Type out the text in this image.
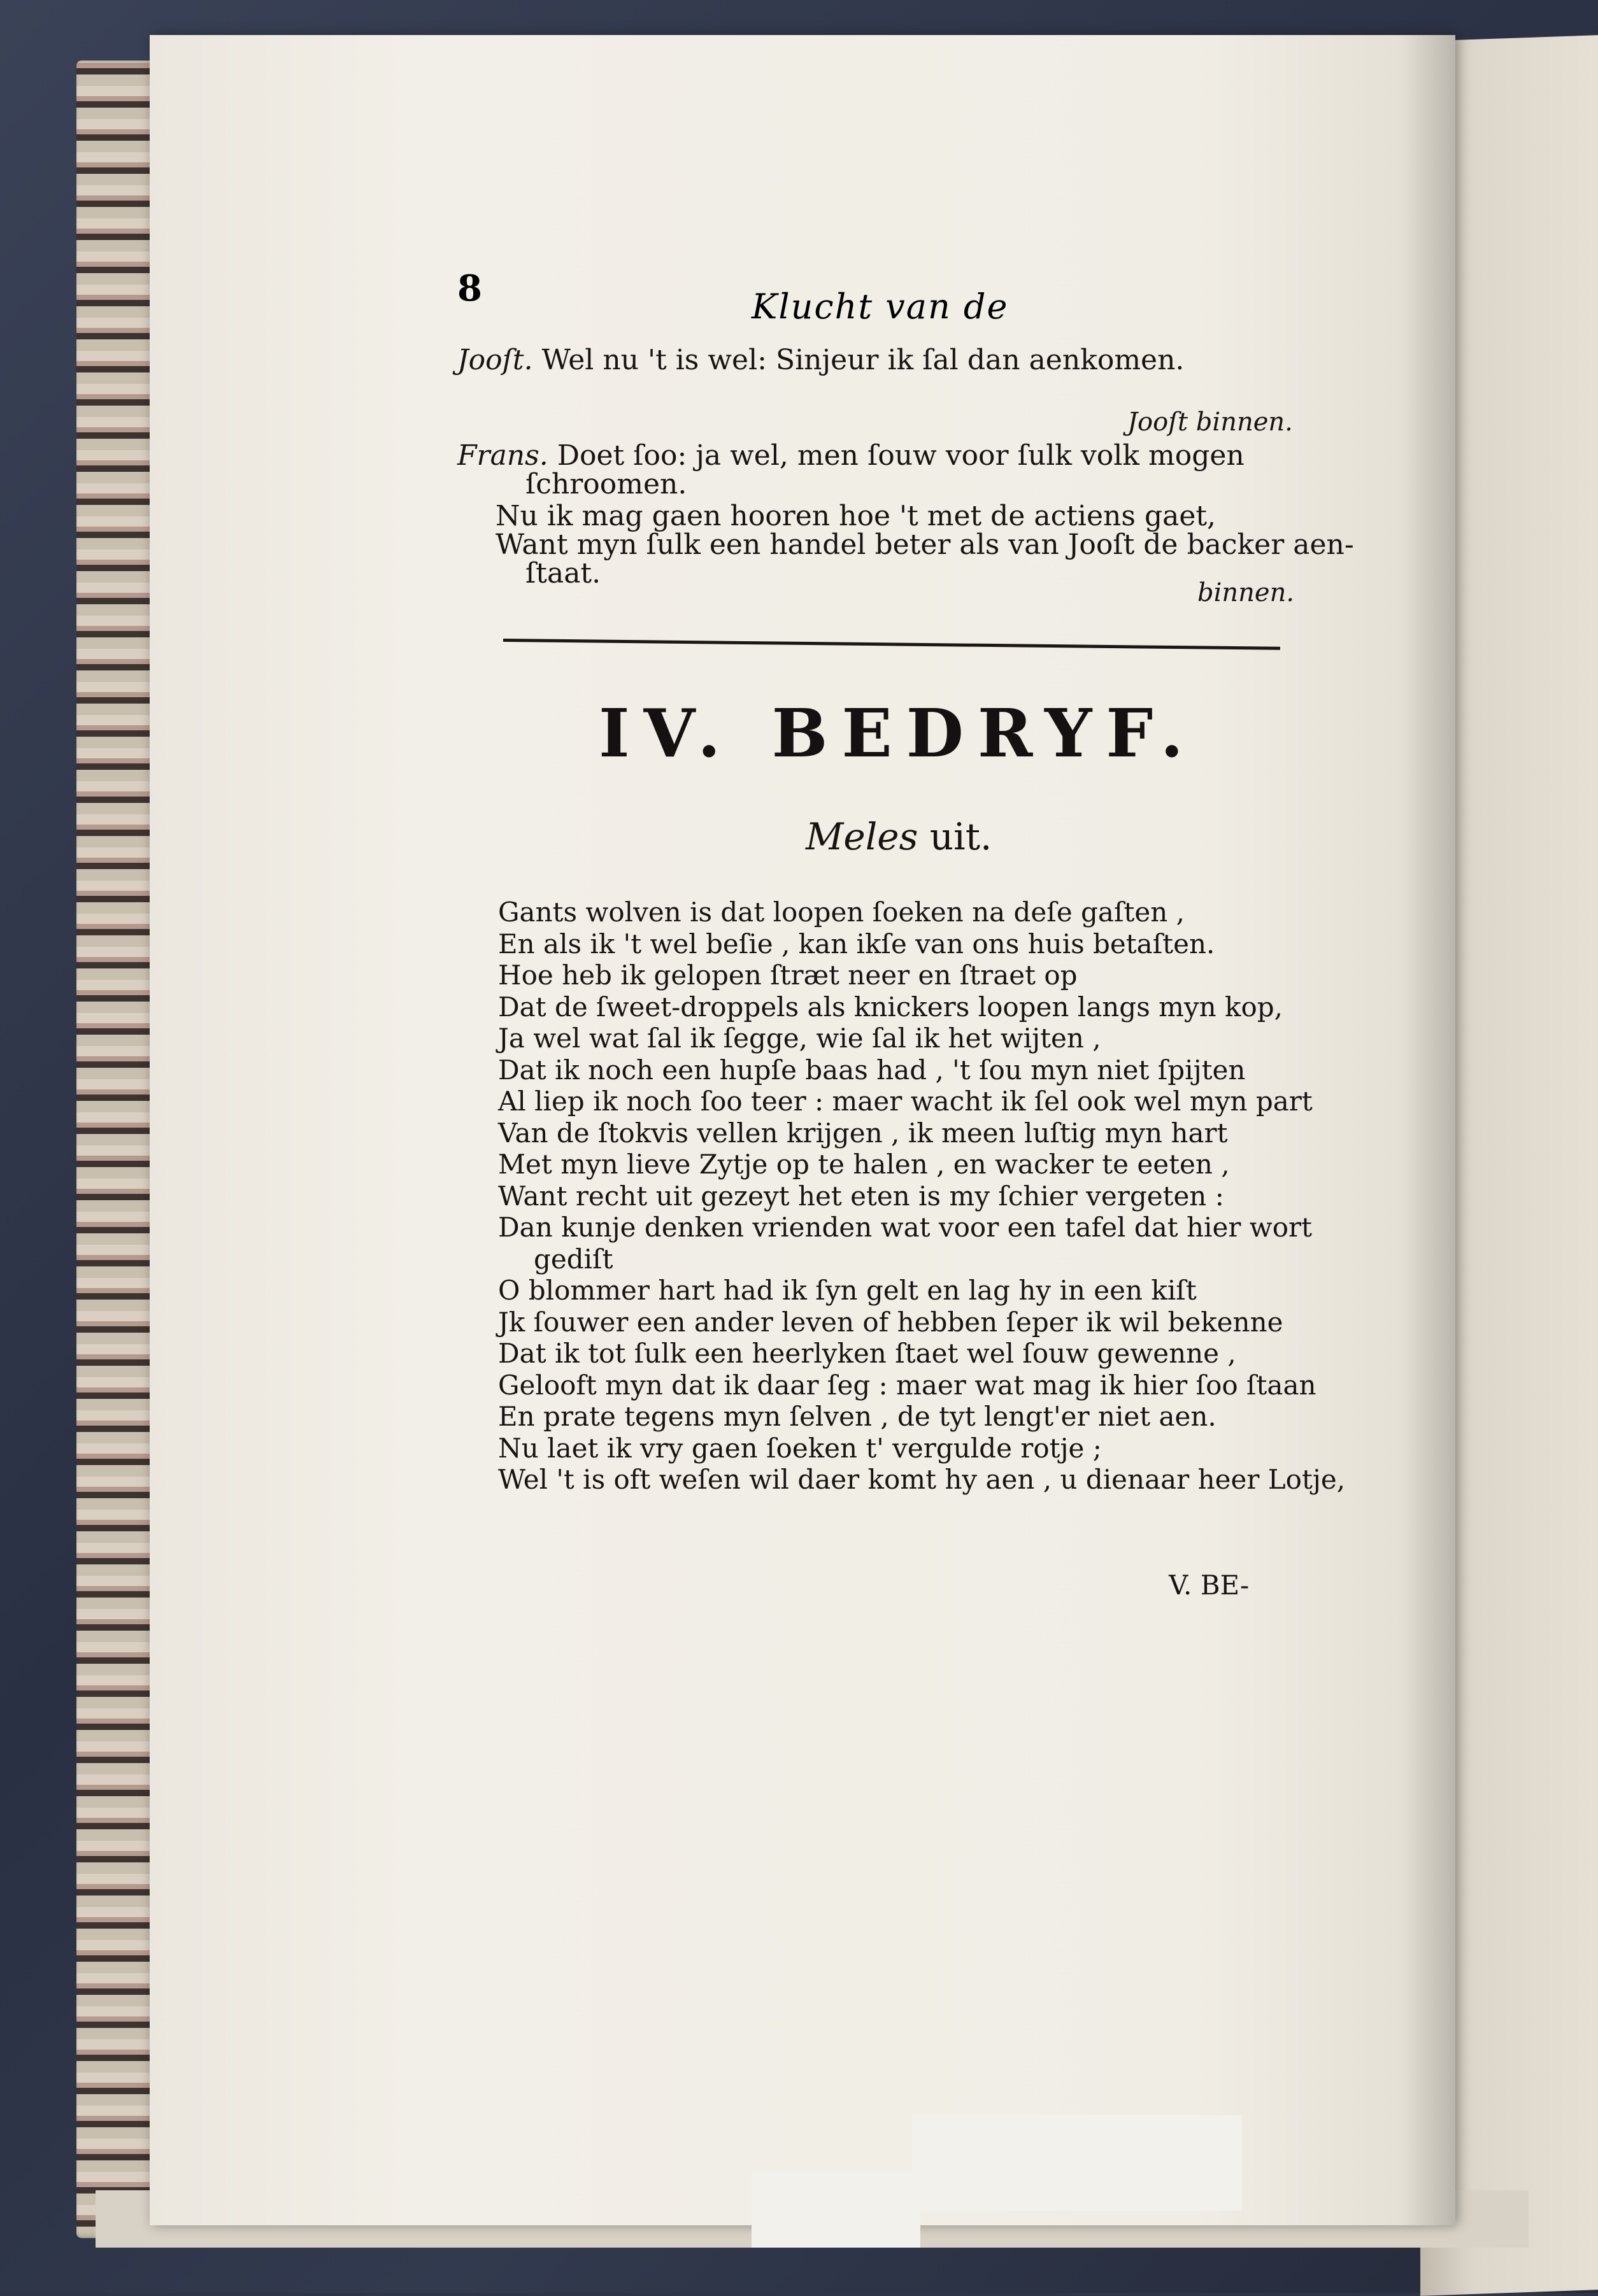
8	Klucht van de
Jooſt. Wel nu 't is wel: Sinjeur ik ſal dan aenkomen.
Jooſt binnen.
Frans. Doet ſoo: ja wel, men ſouw voor ſulk volk mogen
ſchroomen.
Nu ik mag gaen hooren hoe 't met de actiens gaet,
Want myn ſulk een handel beter als van Jooſt de backer aen-
ſtaat.
binnen.
IV. BEDRYF.
Meles uit.
Gants wolven is dat loopen ſoeken na deſe gaſten ,
En als ik 't wel beſie , kan ikſe van ons huis betaſten.
Hoe heb ik gelopen ſtræt neer en ſtraet op
Dat de ſweet-droppels als knickers loopen langs myn kop,
Ja wel wat ſal ik ſegge, wie ſal ik het wijten ,
Dat ik noch een hupſe baas had , 't ſou myn niet ſpijten
Al liep ik noch ſoo teer : maer wacht ik ſel ook wel myn part
Van de ſtokvis vellen krijgen , ik meen luſtig myn hart
Met myn lieve Zytje op te halen , en wacker te eeten ,
Want recht uit gezeyt het eten is my ſchier vergeten :
Dan kunje denken vrienden wat voor een tafel dat hier wort
gediſt
O blommer hart had ik ſyn gelt en lag hy in een kiſt
Jk ſouwer een ander leven of hebben ſeper ik wil bekenne
Dat ik tot ſulk een heerlyken ſtaet wel ſouw gewenne ,
Gelooft myn dat ik daar ſeg : maer wat mag ik hier ſoo ſtaan
En prate tegens myn ſelven , de tyt lengt'er niet aen.
Nu laet ik vry gaen ſoeken t' vergulde rotje ;
Wel 't is oft weſen wil daer komt hy aen , u dienaar heer Lotje,
V. BE-
